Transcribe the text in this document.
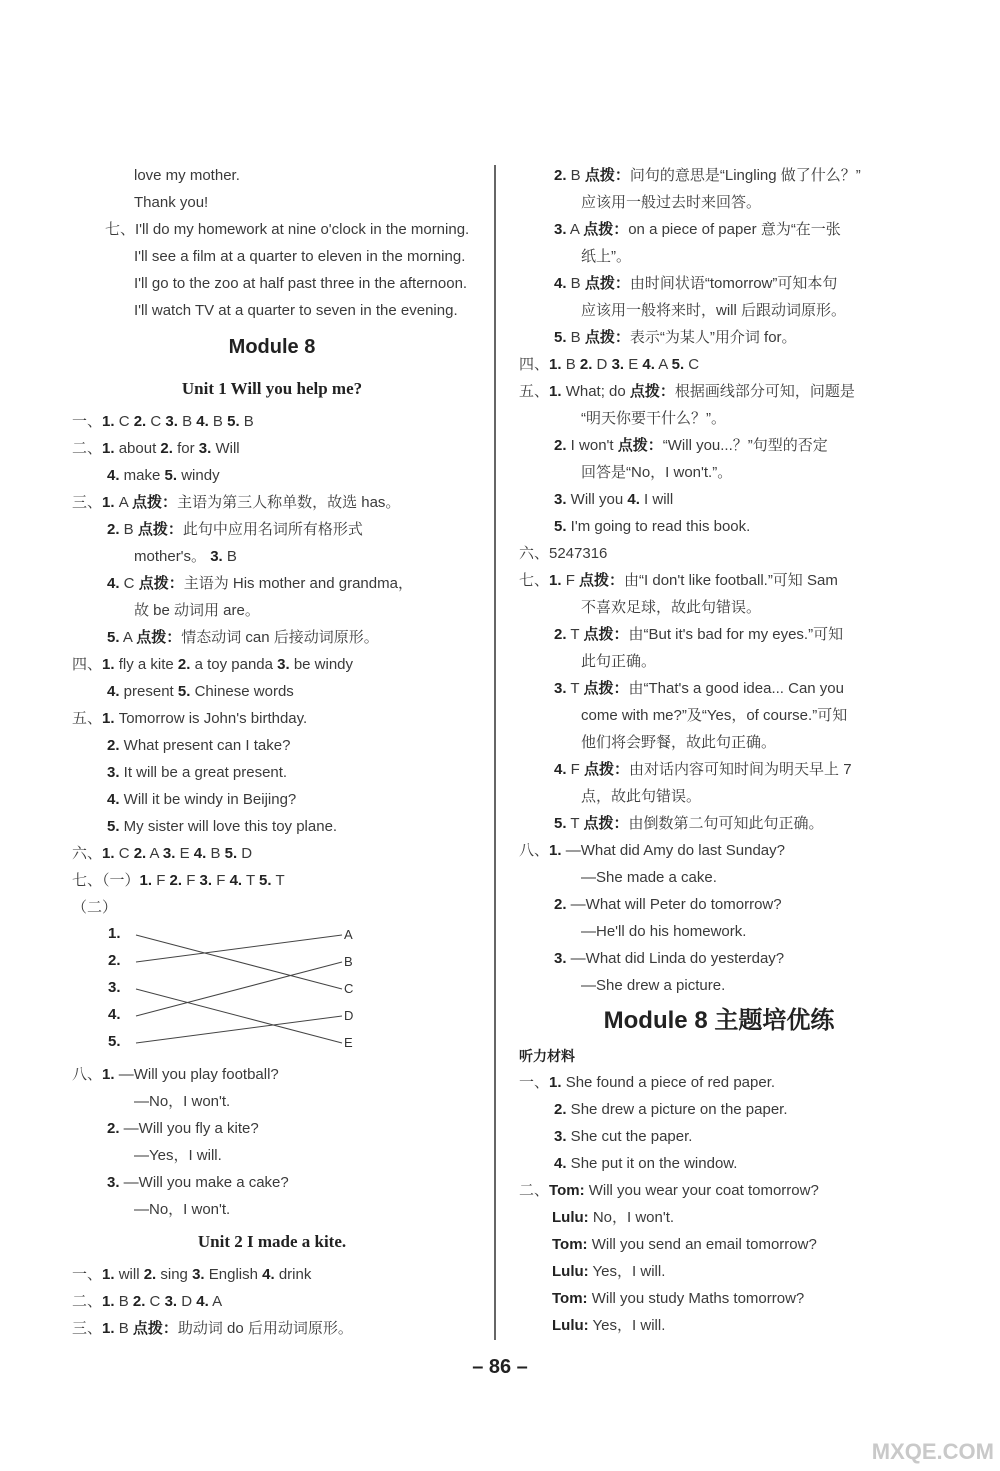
love my mother.
Thank you!
七、I'll do my homework at nine o'clock in the morning.
I'll see a film at a quarter to eleven in the morning.
I'll go to the zoo at half past three in the afternoon.
I'll watch TV at a quarter to seven in the evening.
Module 8
Unit 1 Will you help me?
一、1. C 2. C 3. B 4. B 5. B
二、1. about 2. for 3. Will
4. make 5. windy
三、1. A 点拨：主语为第三人称单数，故选 has。
2. B 点拨：此句中应用名词所有格形式
mother's。 3. B
4. C 点拨：主语为 His mother and grandma，
故 be 动词用 are。
5. A 点拨：情态动词 can 后接动词原形。
四、1. fly a kite 2. a toy panda 3. be windy
4. present 5. Chinese words
五、1. Tomorrow is John's birthday.
2. What present can I take?
3. It will be a great present.
4. Will it be windy in Beijing?
5. My sister will love this toy plane.
六、1. C 2. A 3. E 4. B 5. D
七、（一）1. F 2. F 3. F 4. T 5. T
（二）
1.
2.
3.
4.
5.
A
B
C
D
E
八、1. —Will you play football?
—No，I won't.
2. —Will you fly a kite?
—Yes，I will.
3. —Will you make a cake?
—No，I won't.
Unit 2 I made a kite.
一、1. will 2. sing 3. English 4. drink
二、1. B 2. C 3. D 4. A
三、1. B 点拨：助动词 do 后用动词原形。
2. B 点拨：问句的意思是“Lingling 做了什么？”
应该用一般过去时来回答。
3. A 点拨：on a piece of paper 意为“在一张
纸上”。
4. B 点拨：由时间状语“tomorrow”可知本句
应该用一般将来时，will 后跟动词原形。
5. B 点拨：表示“为某人”用介词 for。
四、1. B 2. D 3. E 4. A 5. C
五、1. What; do 点拨：根据画线部分可知，问题是
“明天你要干什么？”。
2. I won't 点拨：“Will you...？”句型的否定
回答是“No，I won't.”。
3. Will you 4. I will
5. I'm going to read this book.
六、5247316
七、1. F 点拨：由“I don't like football.”可知 Sam
不喜欢足球，故此句错误。
2. T 点拨：由“But it's bad for my eyes.”可知
此句正确。
3. T 点拨：由“That's a good idea... Can you
come with me?”及“Yes，of course.”可知
他们将会野餐，故此句正确。
4. F 点拨：由对话内容可知时间为明天早上 7
点，故此句错误。
5. T 点拨：由倒数第二句可知此句正确。
八、1. —What did Amy do last Sunday?
—She made a cake.
2. —What will Peter do tomorrow?
—He'll do his homework.
3. —What did Linda do yesterday?
—She drew a picture.
Module 8 主题培优练
听力材料
一、1. She found a piece of red paper.
2. She drew a picture on the paper.
3. She cut the paper.
4. She put it on the window.
二、Tom: Will you wear your coat tomorrow?
Lulu: No，I won't.
Tom: Will you send an email tomorrow?
Lulu: Yes，I will.
Tom: Will you study Maths tomorrow?
Lulu: Yes，I will.
– 86 –
MXQE.COM
